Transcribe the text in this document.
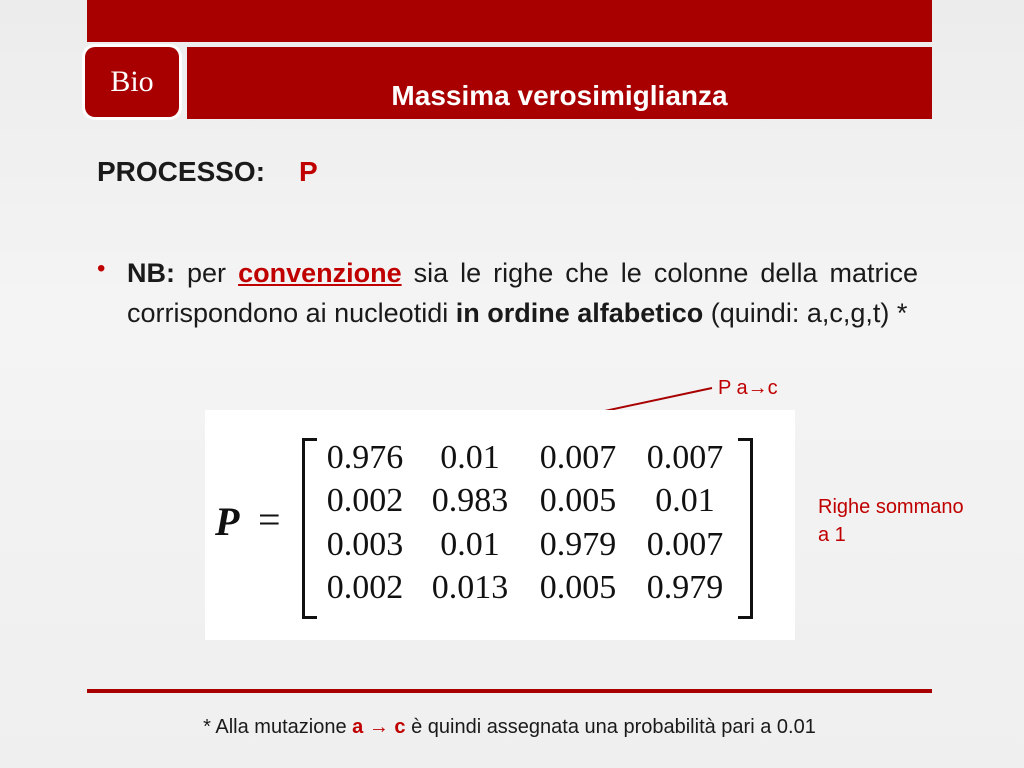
Bio	Massima verosimiglianza
PROCESSO: P
• NB: per convenzione sia le righe che le colonne della matrice corrispondono ai nucleotidi in ordine alfabetico (quindi: a,c,g,t) *
P a→c
P =
0.976	0.01	0.007 0.007
0.002 0.983 0.005	0.01
0.003	0.01	0.979 0.007
0.002 0.013 0.005 0.979
Righe sommano
a 1
* Alla mutazione a → c è quindi assegnata una probabilità pari a 0.01
